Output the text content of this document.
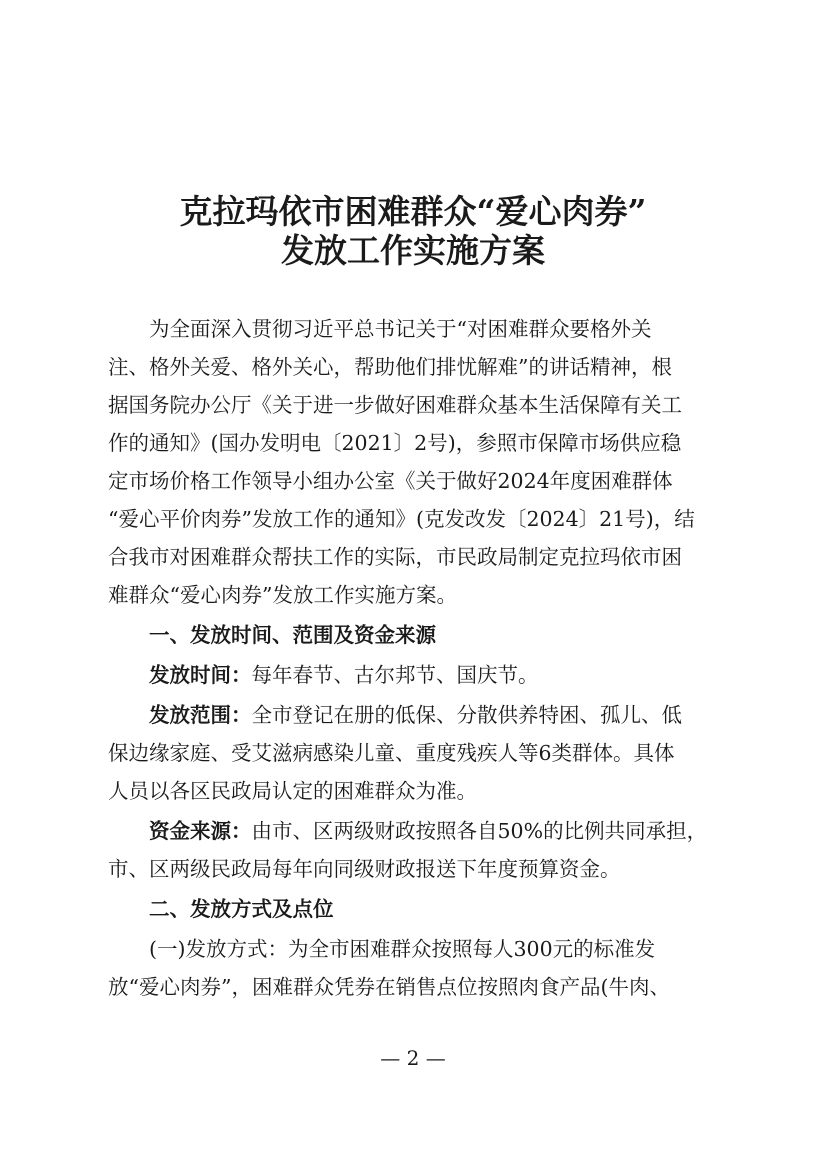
克拉玛依市困难群众“爱心肉券”
发放工作实施方案

　　为全面深入贯彻习近平总书记关于“对困难群众要格外关

注、格外关爱、格外关心，帮助他们排忧解难”的讲话精神，根

据国务院办公厅《关于进一步做好困难群众基本生活保障有关工

作的通知》(国办发明电〔2021〕2号)，参照市保障市场供应稳

定市场价格工作领导小组办公室《关于做好2024年度困难群体

“爱心平价肉券”发放工作的通知》(克发改发〔2024〕21号)，结

合我市对困难群众帮扶工作的实际，市民政局制定克拉玛依市困

难群众“爱心肉券”发放工作实施方案。

　　一、发放时间、范围及资金来源

　　发放时间：每年春节、古尔邦节、国庆节。

　　发放范围：全市登记在册的低保、分散供养特困、孤儿、低

保边缘家庭、受艾滋病感染儿童、重度残疾人等6类群体。具体

人员以各区民政局认定的困难群众为准。

　　资金来源：由市、区两级财政按照各自50%的比例共同承担，

市、区两级民政局每年向同级财政报送下年度预算资金。

　　二、发放方式及点位

　　(一)发放方式：为全市困难群众按照每人300元的标准发

放“爱心肉券”，困难群众凭券在销售点位按照肉食产品(牛肉、

— 2 —
